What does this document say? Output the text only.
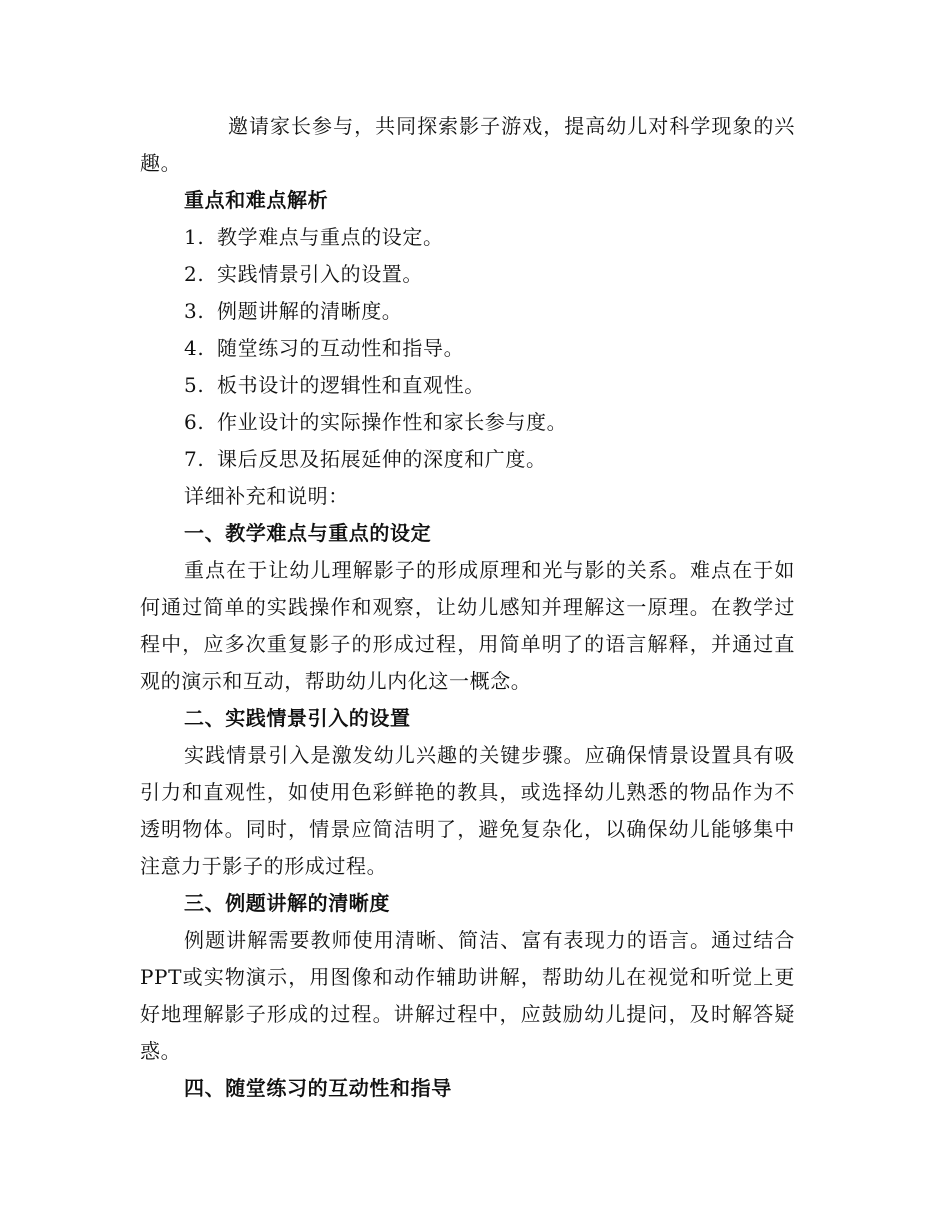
邀请家长参与，共同探索影子游戏，提高幼儿对科学现象的兴趣。

重点和难点解析

1. 教学难点与重点的设定。
2. 实践情景引入的设置。
3. 例题讲解的清晰度。
4. 随堂练习的互动性和指导。
5. 板书设计的逻辑性和直观性。
6. 作业设计的实际操作性和家长参与度。
7. 课后反思及拓展延伸的深度和广度。

详细补充和说明：

一、教学难点与重点的设定

重点在于让幼儿理解影子的形成原理和光与影的关系。难点在于如何通过简单的实践操作和观察，让幼儿感知并理解这一原理。在教学过程中，应多次重复影子的形成过程，用简单明了的语言解释，并通过直观的演示和互动，帮助幼儿内化这一概念。

二、实践情景引入的设置

实践情景引入是激发幼儿兴趣的关键步骤。应确保情景设置具有吸引力和直观性，如使用色彩鲜艳的教具，或选择幼儿熟悉的物品作为不透明物体。同时，情景应简洁明了，避免复杂化，以确保幼儿能够集中注意力于影子的形成过程。

三、例题讲解的清晰度

例题讲解需要教师使用清晰、简洁、富有表现力的语言。通过结合PPT或实物演示，用图像和动作辅助讲解，帮助幼儿在视觉和听觉上更好地理解影子形成的过程。讲解过程中，应鼓励幼儿提问，及时解答疑惑。

四、随堂练习的互动性和指导
